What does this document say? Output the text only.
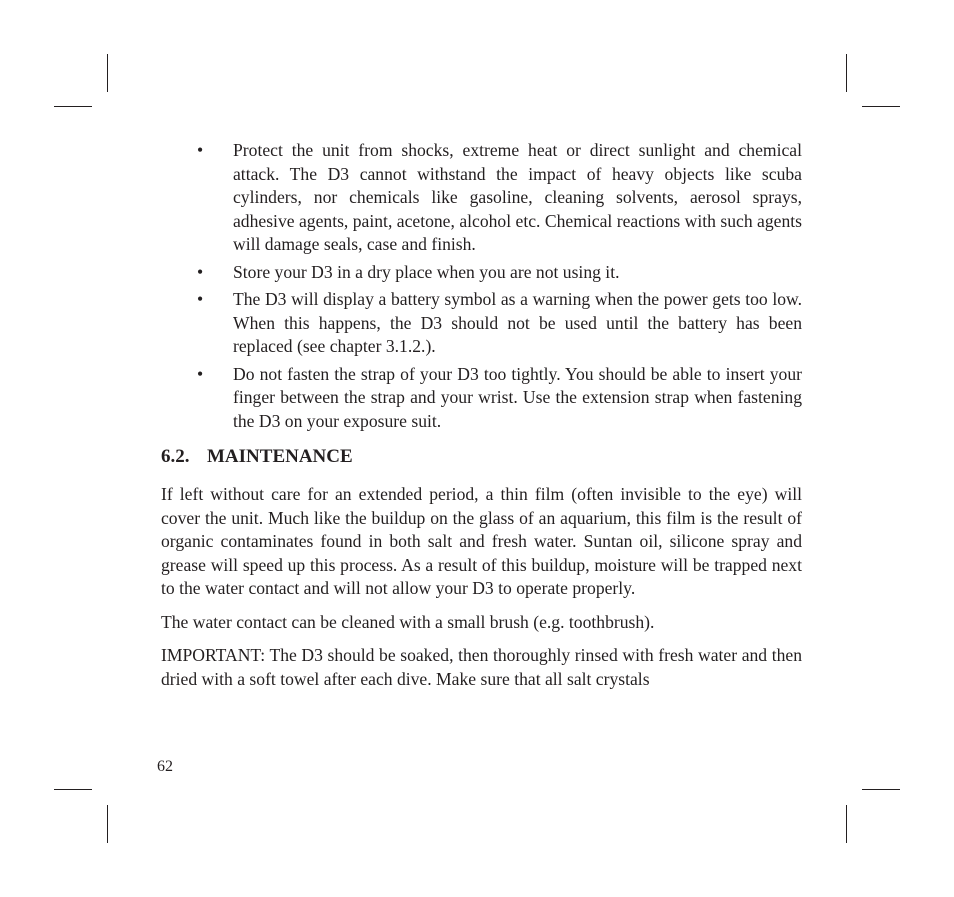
• Protect the unit from shocks, extreme heat or direct sunlight and chemical attack. The D3 cannot withstand the impact of heavy objects like scuba cylinders, nor chemicals like gasoline, cleaning solvents, aerosol sprays, adhesive agents, paint, acetone, alcohol etc. Chemical reactions with such agents will damage seals, case and finish.
• Store your D3 in a dry place when you are not using it.
• The D3 will display a battery symbol as a warning when the power gets too low. When this happens, the D3 should not be used until the battery has been replaced (see chapter 3.1.2.).
• Do not fasten the strap of your D3 too tightly. You should be able to insert your finger between the strap and your wrist. Use the extension strap when fastening the D3 on your exposure suit.
6.2. MAINTENANCE

If left without care for an extended period, a thin film (often invisible to the eye) will cover the unit. Much like the buildup on the glass of an aquarium, this film is the result of organic contaminates found in both salt and fresh water. Suntan oil, silicone spray and grease will speed up this process. As a result of this buildup, moisture will be trapped next to the water contact and will not allow your D3 to operate properly.

The water contact can be cleaned with a small brush (e.g. toothbrush).

IMPORTANT: The D3 should be soaked, then thoroughly rinsed with fresh water and then dried with a soft towel after each dive. Make sure that all salt crystals

62
